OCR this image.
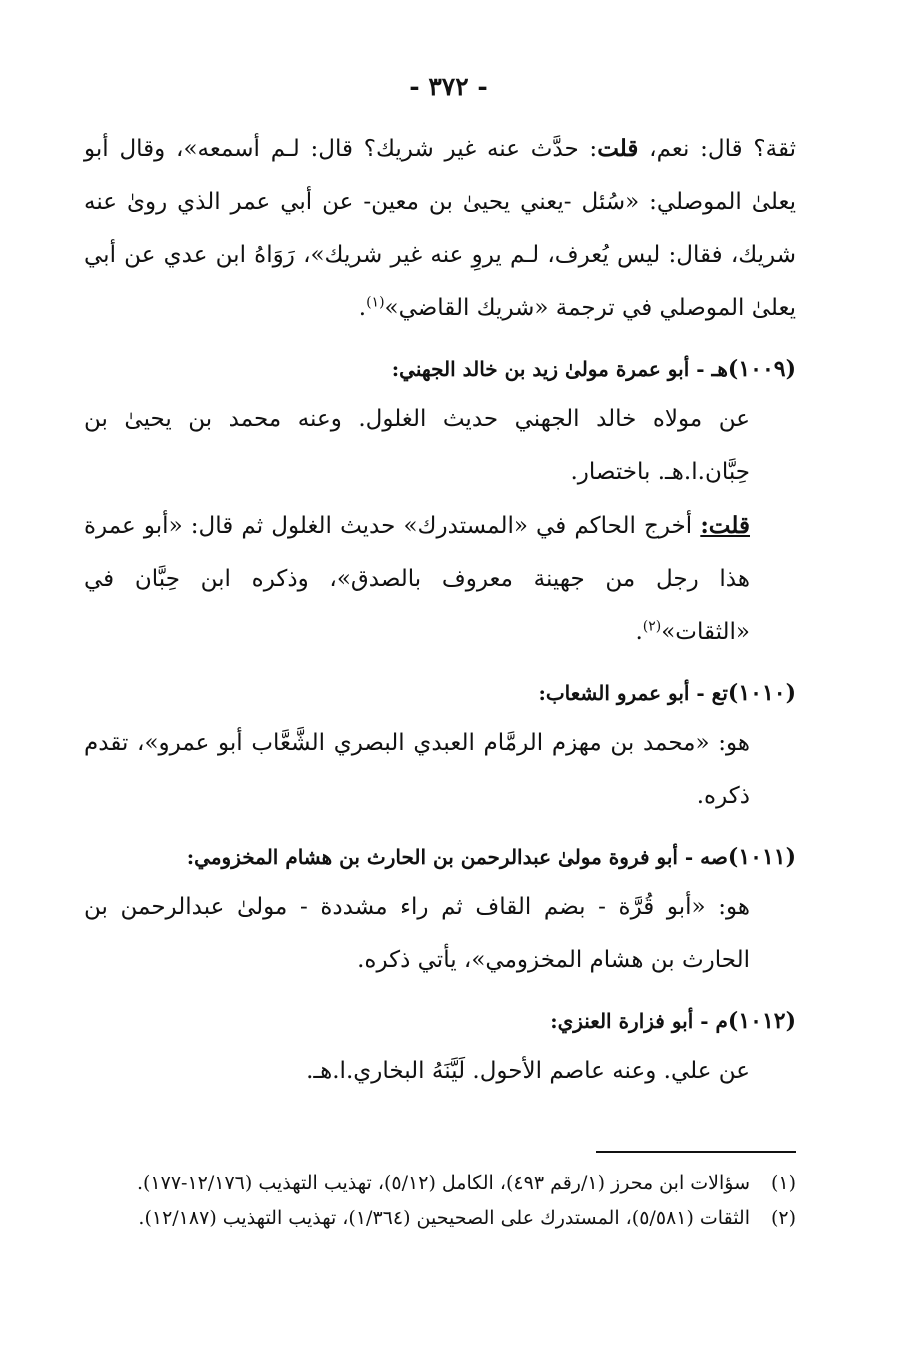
- ٣٧٢ -

ثقة؟ قال: نعم، قلت: حدَّث عنه غير شريك؟ قال: لـم أسمعه»، وقال أبو يعلىٰ الموصلي: «سُئل -يعني يحيىٰ بن معين- عن أبي عمر الذي روىٰ عنه شريك، فقال: ليس يُعرف، لـم يروِ عنه غير شريك»، رَوَاهُ ابن عدي عن أبي يعلىٰ الموصلي في ترجمة «شريك القاضي»$^{(١)}$.

(١٠٠٩)هـ - أبو عمرة مولىٰ زيد بن خالد الجهني:

عن مولاه خالد الجهني حديث الغلول. وعنه محمد بن يحيىٰ بن حِبَّان.ا.هـ. باختصار.

قلت: أخرج الحاكم في «المستدرك» حديث الغلول ثم قال: «أبو عمرة هذا رجل من جهينة معروف بالصدق»، وذكره ابن حِبَّان في «الثقات»$^{(٢)}$.

(١٠١٠)تع - أبو عمرو الشعاب:

هو: «محمد بن مهزم الرمَّام العبدي البصري الشَّعَّاب أبو عمرو»، تقدم ذكره.

(١٠١١)صه - أبو فروة مولىٰ عبدالرحمن بن الحارث بن هشام المخزومي:

هو: «أبو قُرَّة - بضم القاف ثم راء مشددة - مولىٰ عبدالرحمن بن الحارث بن هشام المخزومي»، يأتي ذكره.

(١٠١٢)م - أبو فزارة العنزي:

عن علي. وعنه عاصم الأحول. لَيَّنَهُ البخاري.ا.هـ.

(١)سؤالات ابن محرز (١/رقم ٤٩٣)، الكامل (٥/١٢)، تهذيب التهذيب (١٢/١٧٦-١٧٧).

(٢)الثقات (٥/٥٨١)، المستدرك على الصحيحين (١/٣٦٤)، تهذيب التهذيب (١٢/١٨٧).
